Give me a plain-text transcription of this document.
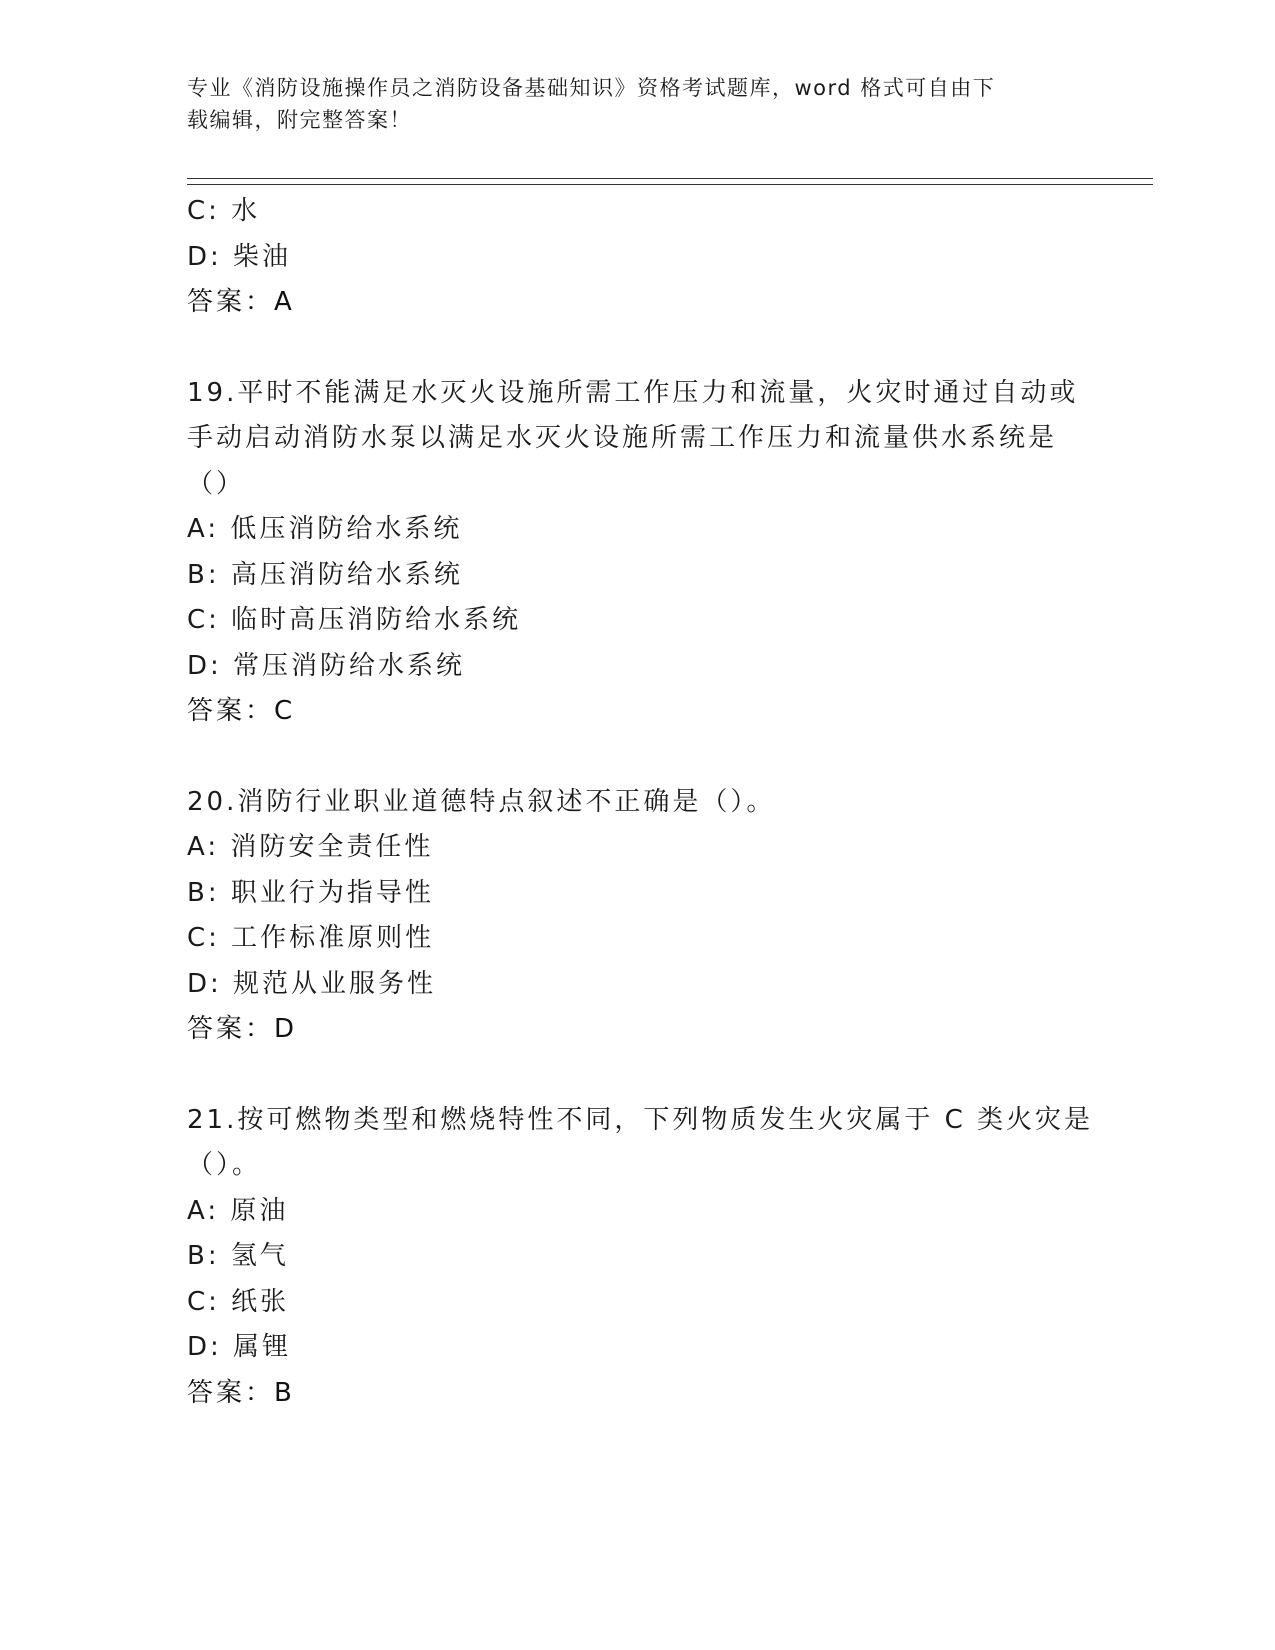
专业《消防设施操作员之消防设备基础知识》资格考试题库，word 格式可自由下
载编辑，附完整答案！
C: 水
D: 柴油
答案：A
19.平时不能满足水灭火设施所需工作压力和流量，火灾时通过自动或
手动启动消防水泵以满足水灭火设施所需工作压力和流量供水系统是
（）
A: 低压消防给水系统
B: 高压消防给水系统
C: 临时高压消防给水系统
D: 常压消防给水系统
答案：C
20.消防行业职业道德特点叙述不正确是（）。
A: 消防安全责任性
B: 职业行为指导性
C: 工作标准原则性
D: 规范从业服务性
答案：D
21.按可燃物类型和燃烧特性不同，下列物质发生火灾属于 C 类火灾是
（）。
A: 原油
B: 氢气
C: 纸张
D: 属锂
答案：B
